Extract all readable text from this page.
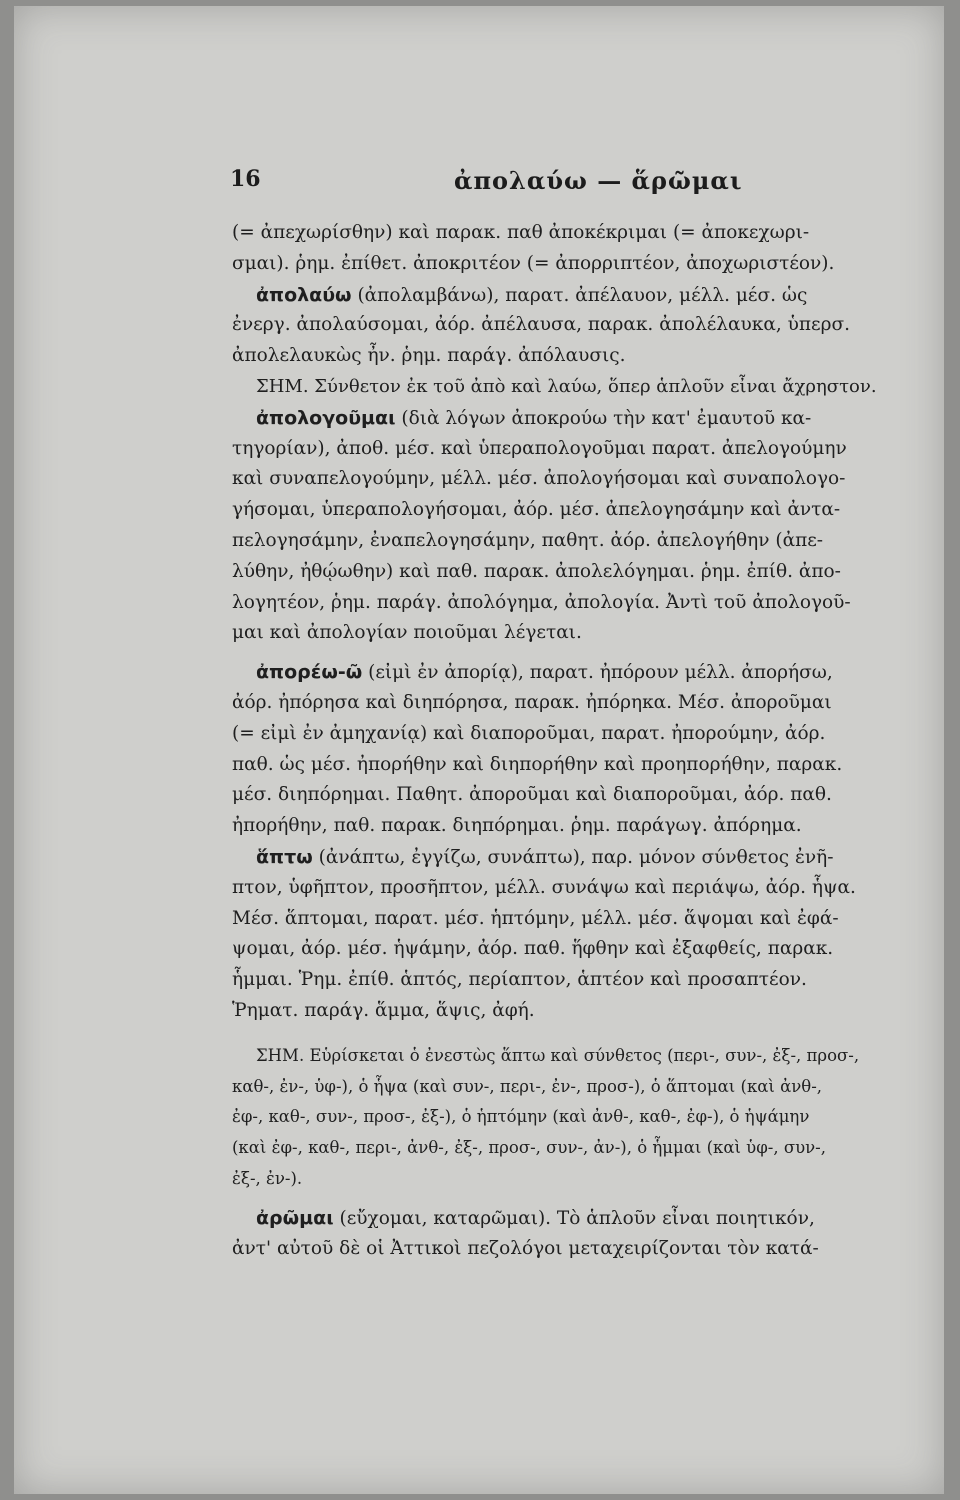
16	ἀπολαύω — ἅρῶμαι
(= ἀπεχωρίσθην) καὶ παρακ. παθ ἀποκέκριμαι (= ἀποκεχωρι-
σμαι). ῥημ. ἐπίθετ. ἀποκριτέον (= ἀπορριπτέον, ἀποχωριστέον).
ἀπολαύω (ἀπολαμβάνω), παρατ. ἀπέλαυον, μέλλ. μέσ. ὡς
ἐνεργ. ἀπολαύσομαι, ἀόρ. ἀπέλαυσα, παρακ. ἀπολέλαυκα, ὑπερσ.
ἀπολελαυκὼς ἦν. ῥημ. παράγ. ἀπόλαυσις.
ΣΗΜ. Σύνθετον ἐκ τοῦ ἀπὸ καὶ λαύω, ὅπερ ἁπλοῦν εἶναι ἄχρηστον.
ἀπολογοῦμαι (διὰ λόγων ἀποκρούω τὴν κατ' ἐμαυτοῦ κα-
τηγορίαν), ἀποθ. μέσ. καὶ ὑπεραπολογοῦμαι παρατ. ἀπελογούμην
καὶ συναπελογούμην, μέλλ. μέσ. ἀπολογήσομαι καὶ συναπολογο-
γήσομαι, ὑπεραπολογήσομαι, ἀόρ. μέσ. ἀπελογησάμην καὶ ἀντα-
πελογησάμην, ἐναπελογησάμην, παθητ. ἀόρ. ἀπελογήθην (ἀπε-
λύθην, ἠθῴωθην) καὶ παθ. παρακ. ἀπολελόγημαι. ῥημ. ἐπίθ. ἀπο-
λογητέον, ῥημ. παράγ. ἀπολόγημα, ἀπολογία. Ἀντὶ τοῦ ἀπολογοῦ-
μαι καὶ ἀπολογίαν ποιοῦμαι λέγεται.
ἀπορέω-ῶ (εἰμὶ ἐν ἀπορίᾳ), παρατ. ἠπόρουν μέλλ. ἀπορήσω,
ἀόρ. ἠπόρησα καὶ διηπόρησα, παρακ. ἠπόρηκα. Μέσ. ἀποροῦμαι
(= εἰμὶ ἐν ἀμηχανίᾳ) καὶ διαποροῦμαι, παρατ. ἠπορούμην, ἀόρ.
παθ. ὡς μέσ. ἠπορήθην καὶ διηπορήθην καὶ προηπορήθην, παρακ.
μέσ. διηπόρημαι. Παθητ. ἀποροῦμαι καὶ διαποροῦμαι, ἀόρ. παθ.
ἠπορήθην, παθ. παρακ. διηπόρημαι. ῥημ. παράγωγ. ἀπόρημα.
ἅπτω (ἀνάπτω, ἐγγίζω, συνάπτω), παρ. μόνον σύνθετος ἐνῆ-
πτον, ὑφῆπτον, προσῆπτον, μέλλ. συνάψω καὶ περιάψω, ἀόρ. ἧψα.
Μέσ. ἅπτομαι, παρατ. μέσ. ἡπτόμην, μέλλ. μέσ. ἅψομαι καὶ ἐφά-
ψομαι, ἀόρ. μέσ. ἡψάμην, ἀόρ. παθ. ἥφθην καὶ ἐξαφθείς, παρακ.
ἧμμαι. Ῥημ. ἐπίθ. ἁπτός, περίαπτον, ἁπτέον καὶ προσαπτέον.
Ῥηματ. παράγ. ἅμμα, ἅψις, ἀφή.
ΣΗΜ. Εὑρίσκεται ὁ ἐνεστὼς ἅπτω καὶ σύνθετος (περι-, συν-, ἐξ-, προσ-,
καθ-, ἐν-, ὑφ-), ὁ ἧψα (καὶ συν-, περι-, ἐν-, προσ-), ὁ ἅπτομαι (καὶ ἀνθ-,
ἐφ-, καθ-, συν-, προσ-, ἐξ-), ὁ ἡπτόμην (καὶ ἀνθ-, καθ-, ἐφ-), ὁ ἡψάμην
(καὶ ἐφ-, καθ-, περι-, ἀνθ-, ἐξ-, προσ-, συν-, ἀν-), ὁ ἧμμαι (καὶ ὑφ-, συν-,
ἐξ-, ἐν-).
ἀρῶμαι (εὔχομαι, καταρῶμαι). Τὸ ἁπλοῦν εἶναι ποιητικόν,
ἀντ' αὐτοῦ δὲ οἱ Ἀττικοὶ πεζολόγοι μεταχειρίζονται τὸν κατά-
